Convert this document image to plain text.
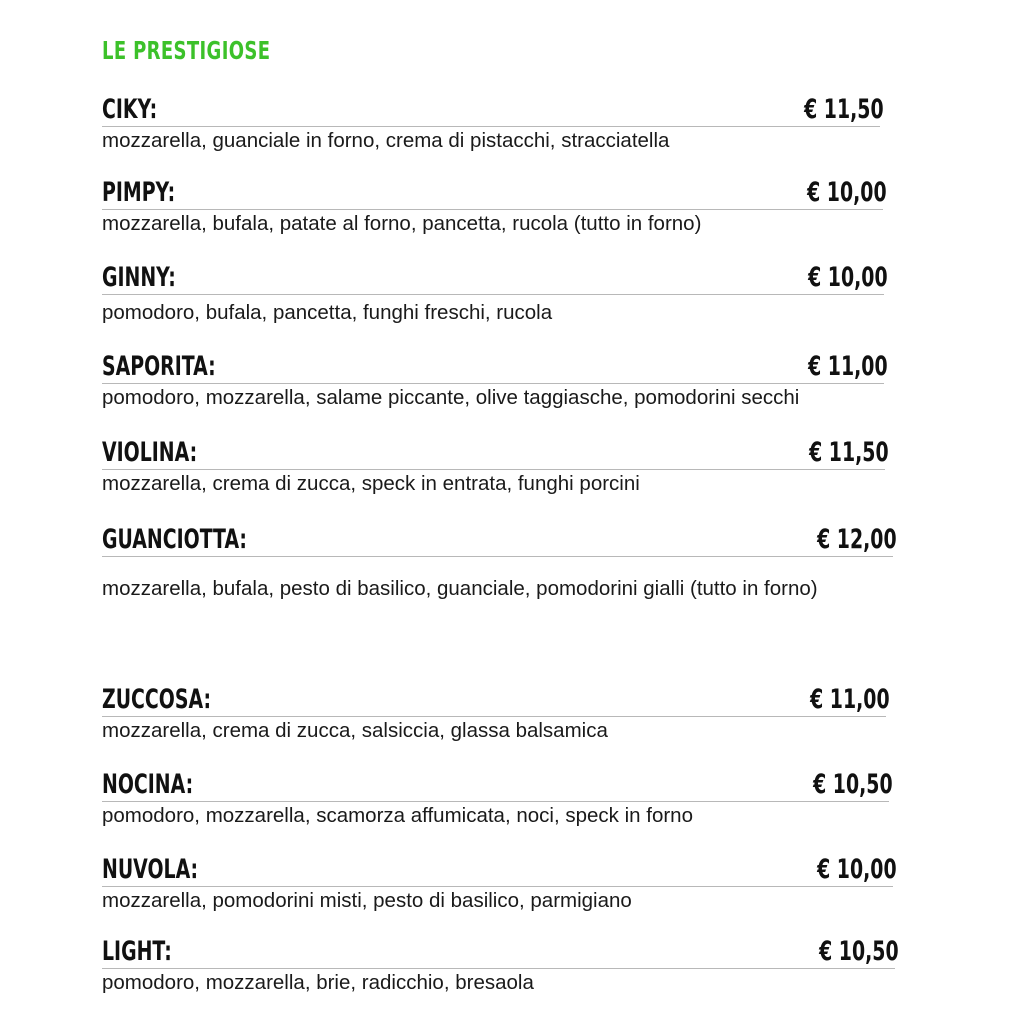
LE PRESTIGIOSE
CIKY:	€ 11,50
mozzarella, guanciale in forno, crema di pistacchi, stracciatella
PIMPY:	€ 10,00
mozzarella, bufala, patate al forno, pancetta, rucola (tutto in forno)
GINNY:	€ 10,00
pomodoro, bufala, pancetta, funghi freschi, rucola
SAPORITA:	€ 11,00
pomodoro, mozzarella, salame piccante, olive taggiasche, pomodorini secchi
VIOLINA:	€ 11,50
mozzarella, crema di zucca, speck in entrata, funghi porcini
GUANCIOTTA:	€ 12,00
mozzarella, bufala, pesto di basilico, guanciale, pomodorini gialli (tutto in forno)
ZUCCOSA:	€ 11,00
mozzarella, crema di zucca, salsiccia, glassa balsamica
NOCINA:	€ 10,50
pomodoro, mozzarella, scamorza affumicata, noci, speck in forno
NUVOLA:	€ 10,00
mozzarella, pomodorini misti, pesto di basilico, parmigiano
LIGHT:	€ 10,50
pomodoro, mozzarella, brie, radicchio, bresaola
